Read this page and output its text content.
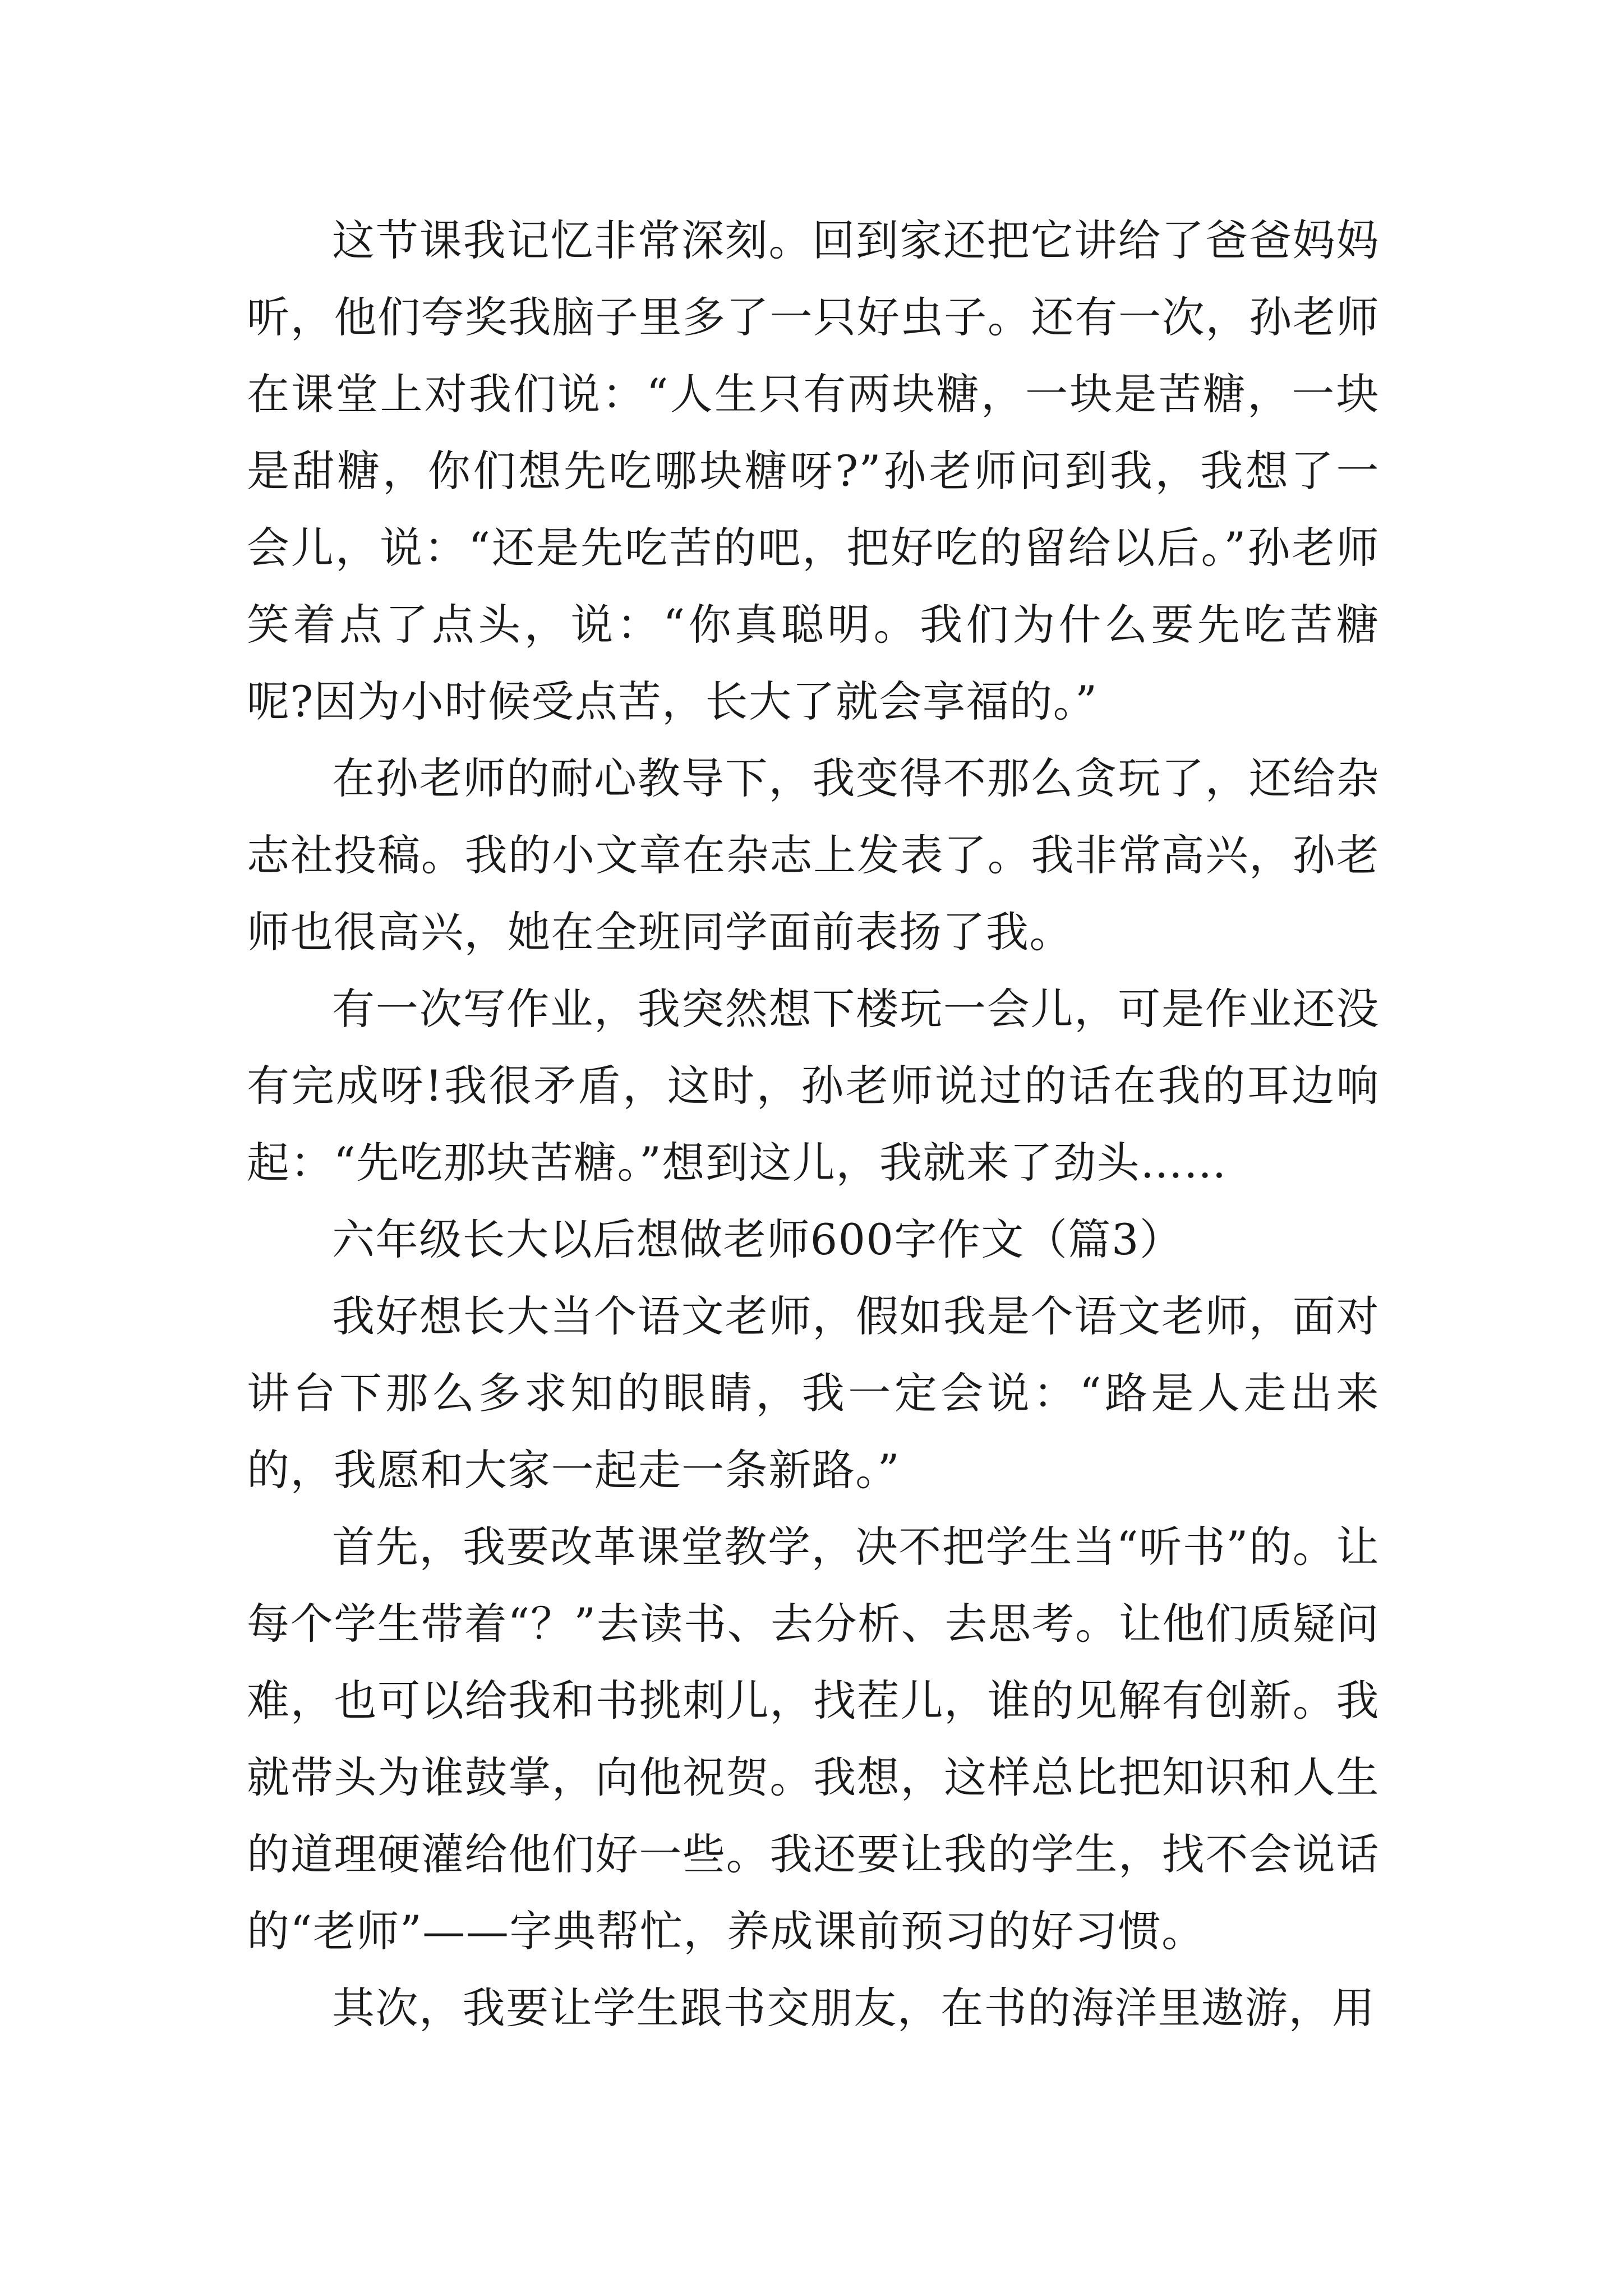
这节课我记忆非常深刻。回到家还把它讲给了爸爸妈妈听，他们夸奖我脑子里多了一只好虫子。还有一次，孙老师在课堂上对我们说：“人生只有两块糖，一块是苦糖，一块是甜糖，你们想先吃哪块糖呀?”孙老师问到我，我想了一会儿，说：“还是先吃苦的吧，把好吃的留给以后。”孙老师笑着点了点头，说：“你真聪明。我们为什么要先吃苦糖呢?因为小时候受点苦，长大了就会享福的。”

在孙老师的耐心教导下，我变得不那么贪玩了，还给杂志社投稿。我的小文章在杂志上发表了。我非常高兴，孙老师也很高兴，她在全班同学面前表扬了我。

有一次写作业，我突然想下楼玩一会儿，可是作业还没有完成呀!我很矛盾，这时，孙老师说过的话在我的耳边响起：“先吃那块苦糖。”想到这儿，我就来了劲头……

六年级长大以后想做老师600字作文（篇3）

我好想长大当个语文老师，假如我是个语文老师，面对讲台下那么多求知的眼睛，我一定会说：“路是人走出来的，我愿和大家一起走一条新路。”

首先，我要改革课堂教学，决不把学生当“听书”的。让每个学生带着“？”去读书、去分析、去思考。让他们质疑问难，也可以给我和书挑刺儿，找茬儿，谁的见解有创新。我就带头为谁鼓掌，向他祝贺。我想，这样总比把知识和人生的道理硬灌给他们好一些。我还要让我的学生，找不会说话的“老师”——字典帮忙，养成课前预习的好习惯。

其次，我要让学生跟书交朋友，在书的海洋里遨游，用
